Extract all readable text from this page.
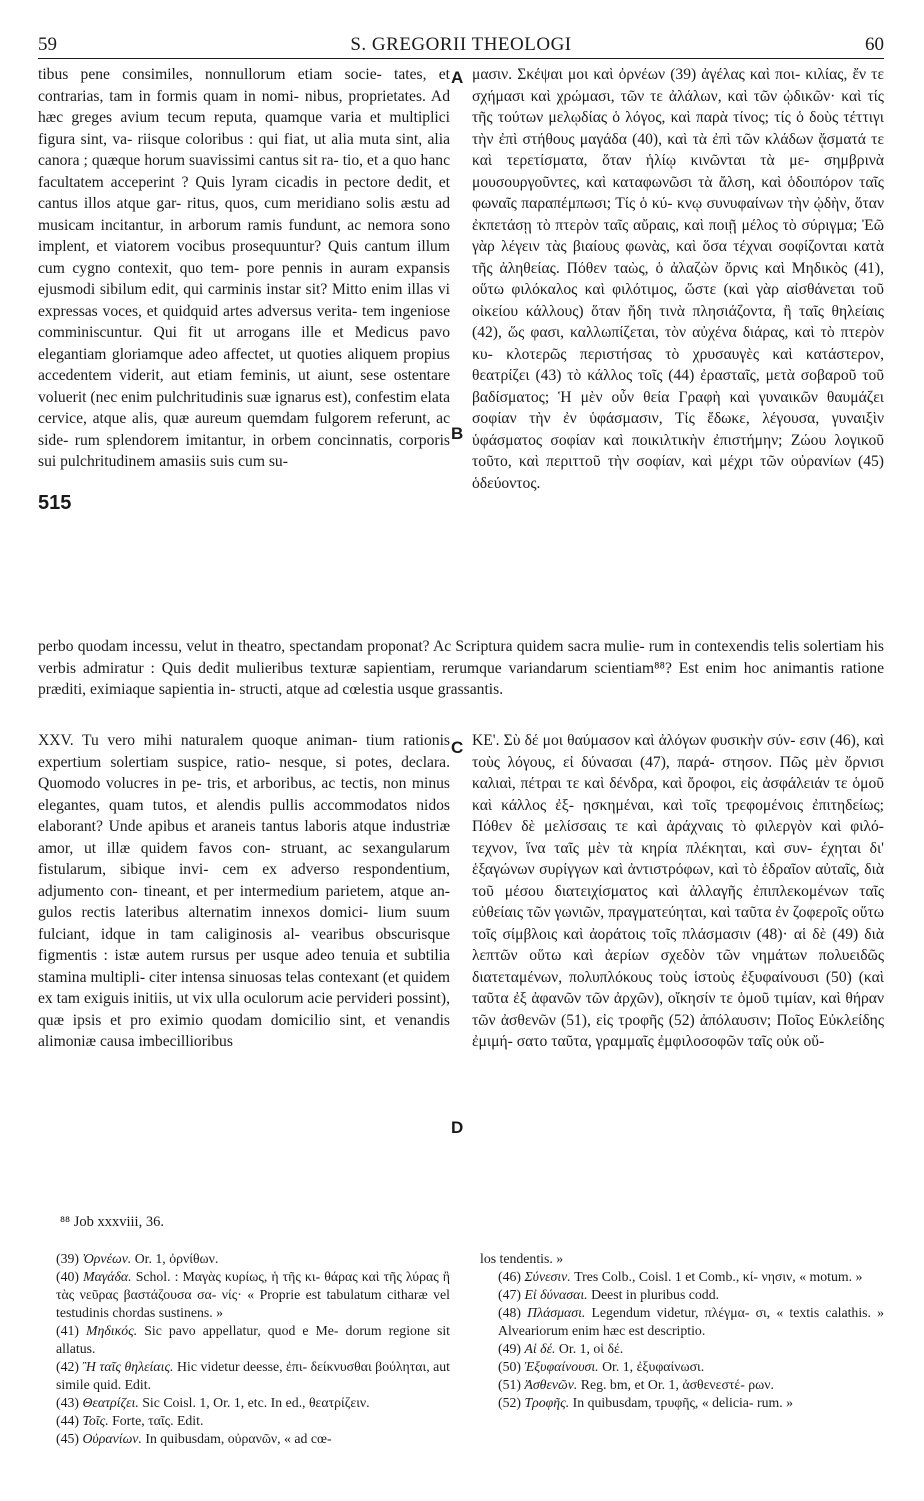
59	S. GREGORII THEOLOGI	60
tibus pene consimiles, nonnullorum etiam socie- tates, et contrarias, tam in formis quam in nomi- nibus, proprietates. Ad hæc greges avium tecum reputa, quamque varia et multiplici figura sint, va- riisque coloribus : qui fiat, ut alia muta sint, alia canora ; quæque horum suavissimi cantus sit ra- tio, et a quo hanc facultatem acceperint ? Quis lyram cicadis in pectore dedit, et cantus illos atque gar- ritus, quos, cum meridiano solis æstu ad musicam incitantur, in arborum ramis fundunt, ac nemora sono implent, et viatorem vocibus prosequuntur? Quis cantum illum cum cygno contexit, quo tem- pore pennis in auram expansis ejusmodi sibilum edit, qui carminis instar sit? Mitto enim illas vi expressas voces, et quidquid artes adversus verita- tem ingeniose comminiscuntur. Qui fit ut arrogans ille et Medicus pavo elegantiam gloriamque adeo affectet, ut quoties aliquem propius accedentem viderit, aut etiam feminis, ut aiunt, sese ostentare voluerit (nec enim pulchritudinis suæ ignarus est), confestim elata cervice, atque alis, quæ aureum quemdam fulgorem referunt, ac side- rum splendorem imitantur, in orbem concinnatis, corporis sui pulchritudinem amasiis suis cum su-
μασιν. Σκέψαι μοι καὶ ὀρνέων (39) ἀγέλας καὶ ποι- κιλίας, ἔν τε σχήμασι καὶ χρώμασι, τῶν τε ἀλάλων, καὶ τῶν ᾠδικῶν· καὶ τίς τῆς τούτων μελῳδίας ὁ λόγος, καὶ παρὰ τίνος; τίς ὁ δοὺς τέττιγι τὴν ἐπὶ στήθους μαγάδα (40), καὶ τὰ ἐπὶ τῶν κλάδων ᾄσματά τε καὶ τερετίσματα, ὅταν ἡλίῳ κινῶνται τὰ με- σημβρινὰ μουσουργοῦντες, καὶ καταφωνῶσι τὰ ἄλση, καὶ ὁδοιπόρον ταῖς φωναῖς παραπέμπωσι; Τίς ὁ κύ- κνῳ συνυφαίνων τὴν ᾠδὴν, ὅταν ἐκπετάσῃ τὸ πτερὸν ταῖς αὔραις, καὶ ποιῇ μέλος τὸ σύριγμα; Ἐῶ γὰρ λέγειν τὰς βιαίους φωνὰς, καὶ ὅσα τέχναι σοφίζονται κατὰ τῆς ἀληθείας. Πόθεν ταὼς, ὁ ἀλαζὼν ὄρνις καὶ Μηδικὸς (41), οὕτω φιλόκαλος καὶ φιλότιμος, ὥστε (καὶ γὰρ αἰσθάνεται τοῦ οἰκείου κάλλους) ὅταν ἤδη τινὰ πλησιάζοντα, ἢ ταῖς θηλείαις (42), ὥς φασι, καλλωπίζεται, τὸν αὐχένα διάρας, καὶ τὸ πτερὸν κυ- κλοτερῶς περιστήσας τὸ χρυσαυγὲς καὶ κατάστερον, θεατρίζει (43) τὸ κάλλος τοῖς (44) ἐρασταῖς, μετὰ σοβαροῦ τοῦ βαδίσματος; Ἡ μὲν οὖν θεία Γραφὴ καὶ γυναικῶν θαυμάζει σοφίαν τὴν ἐν ὑφάσμασιν, Τίς ἔδωκε, λέγουσα, γυναιξὶν ὑφάσματος σοφίαν καὶ ποικιλτικὴν ἐπιστήμην; Ζώου λογικοῦ τοῦτο, καὶ περιττοῦ τὴν σοφίαν, καὶ μέχρι τῶν οὐρανίων (45) ὁδεύοντος.
A
B
C
D
515
perbo quodam incessu, velut in theatro, spectandam proponat? Ac Scriptura quidem sacra mulie- rum in contexendis telis solertiam his verbis admiratur : Quis dedit mulieribus texturæ sapientiam, rerumque variandarum scientiam⁸⁸? Est enim hoc animantis ratione præditi, eximiaque sapientia in- structi, atque ad cœlestia usque grassantis.
XXV. Tu vero mihi naturalem quoque animan- tium rationis expertium solertiam suspice, ratio- nesque, si potes, declara. Quomodo volucres in pe- tris, et arboribus, ac tectis, non minus elegantes, quam tutos, et alendis pullis accommodatos nidos elaborant? Unde apibus et araneis tantus laboris atque industriæ amor, ut illæ quidem favos con- struant, ac sexangularum fistularum, sibique invi- cem ex adverso respondentium, adjumento con- tineant, et per intermedium parietem, atque an- gulos rectis lateribus alternatim innexos domici- lium suum fulciant, idque in tam caliginosis al- vearibus obscurisque figmentis : istæ autem rursus per usque adeo tenuia et subtilia stamina multipli- citer intensa sinuosas telas contexant (et quidem ex tam exiguis initiis, ut vix ulla oculorum acie pervideri possint), quæ ipsis et pro eximio quodam domicilio sint, et venandis alimoniæ causa imbecillioribus
ΚΕ'. Σὺ δέ μοι θαύμασον καὶ ἀλόγων φυσικὴν σύν- εσιν (46), καὶ τοὺς λόγους, εἰ δύνασαι (47), παρά- στησον. Πῶς μὲν ὄρνισι καλιαὶ, πέτραι τε καὶ δένδρα, καὶ ὄροφοι, εἰς ἀσφάλειάν τε ὁμοῦ καὶ κάλλος ἐξ- ησκημέναι, καὶ τοῖς τρεφομένοις ἐπιτηδείως; Πόθεν δὲ μελίσσαις τε καὶ ἀράχναις τὸ φιλεργὸν καὶ φιλό- τεχνον, ἵνα ταῖς μὲν τὰ κηρία πλέκηται, καὶ συν- έχηται δι' ἑξαγώνων συρίγγων καὶ ἀντιστρόφων, καὶ τὸ ἑδραῖον αὐταῖς, διὰ τοῦ μέσου διατειχίσματος καὶ ἀλλαγῆς ἐπιπλεκομένων ταῖς εὐθείαις τῶν γωνιῶν, πραγματεύηται, καὶ ταῦτα ἐν ζοφεροῖς οὕτω τοῖς σίμβλοις καὶ ἀοράτοις τοῖς πλάσμασιν (48)· αἱ δὲ (49) διὰ λεπτῶν οὕτω καὶ ἀερίων σχεδὸν τῶν νημάτων πολυειδῶς διατεταμένων, πολυπλόκους τοὺς ἱστοὺς ἐξυφαίνουσι (50) (καὶ ταῦτα ἐξ ἀφανῶν τῶν ἀρχῶν), οἴκησίν τε ὁμοῦ τιμίαν, καὶ θήραν τῶν ἀσθενῶν (51), εἰς τροφῆς (52) ἀπόλαυσιν; Ποῖος Εὐκλείδης ἐμιμή- σατο ταῦτα, γραμμαῖς ἐμφιλοσοφῶν ταῖς οὐκ οὔ-
⁸⁸ Job xxxviii, 36.

(39) Ὀρνέων. Or. 1, ὀρνίθων.

(40) Μαγάδα. Schol. : Μαγὰς κυρίως, ἡ τῆς κι- θάρας καὶ τῆς λύρας ἢ τὰς νεῦρας βαστάζουσα σα- νίς· « Proprie est tabulatum citharæ vel testudinis chordas sustinens. »

(41) Μηδικός. Sic pavo appellatur, quod e Me- dorum regione sit allatus.

(42) Ἢ ταῖς θηλείαις. Hic videtur deesse, ἐπι- δείκνυσθαι βούληται, aut simile quid. Edit.

(43) Θεατρίζει. Sic Coisl. 1, Or. 1, etc. In ed., θεατρίζειν.

(44) Τοῖς. Forte, ταῖς. Edit.

(45) Οὐρανίων. In quibusdam, οὐρανῶν, « ad cœ-

los tendentis. »

(46) Σύνεσιν. Tres Colb., Coisl. 1 et Comb., κί- νησιν, « motum. »

(47) Εἰ δύνασαι. Deest in pluribus codd.

(48) Πλάσμασι. Legendum videtur, πλέγμα- σι, « textis calathis. » Alveariorum enim hæc est descriptio.

(49) Αἱ δέ. Or. 1, οἱ δέ.

(50) Ἐξυφαίνουσι. Or. 1, ἐξυφαίνωσι.

(51) Ἀσθενῶν. Reg. bm, et Or. 1, ἀσθενεστέ- ρων.

(52) Τροφῆς. In quibusdam, τρυφῆς, « delicia- rum. »
